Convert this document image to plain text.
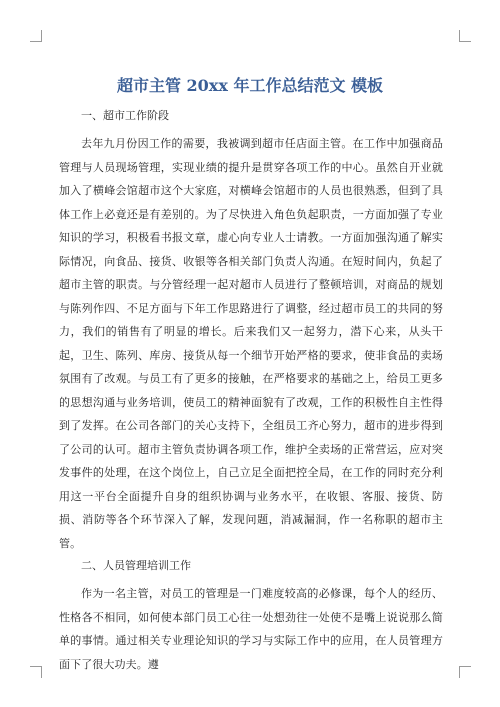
超市主管 20xx 年工作总结范文 模板

一、超市工作阶段

去年九月份因工作的需要，我被调到超市任店面主管。在工作中加强商品管理与人员现场管理，实现业绩的提升是贯穿各项工作的中心。虽然自开业就加入了横峰会馆超市这个大家庭，对横峰会馆超市的人员也很熟悉，但到了具体工作上必竟还是有差别的。为了尽快进入角色负起职责，一方面加强了专业知识的学习，积极看书报文章，虚心向专业人士请教。一方面加强沟通了解实际情况，向食品、接货、收银等各相关部门负责人沟通。在短时间内，负起了超市主管的职责。与分管经理一起对超市人员进行了整顿培训，对商品的规划与陈列作四、不足方面与下年工作思路进行了调整，经过超市员工的共同的努力，我们的销售有了明显的增长。后来我们又一起努力，潜下心来，从头干起，卫生、陈列、库房、接货从每一个细节开始严格的要求，使非食品的卖场氛围有了改观。与员工有了更多的接触，在严格要求的基础之上，给员工更多的思想沟通与业务培训，使员工的精神面貌有了改观，工作的积极性自主性得到了发挥。在公司各部门的关心支持下，全组员工齐心努力，超市的进步得到了公司的认可。超市主管负责协调各项工作，维护全卖场的正常营运，应对突发事件的处理，在这个岗位上，自己立足全面把控全局，在工作的同时充分利用这一平台全面提升自身的组织协调与业务水平，在收银、客服、接货、防损、消防等各个环节深入了解，发现问题，消减漏洞，作一名称职的超市主管。

二、人员管理培训工作

作为一名主管，对员工的管理是一门难度较高的必修课，每个人的经历、性格各不相同，如何使本部门员工心往一处想劲往一处使不是嘴上说说那么简单的事情。通过相关专业理论知识的学习与实际工作中的应用，在人员管理方面下了很大功夫。遵
